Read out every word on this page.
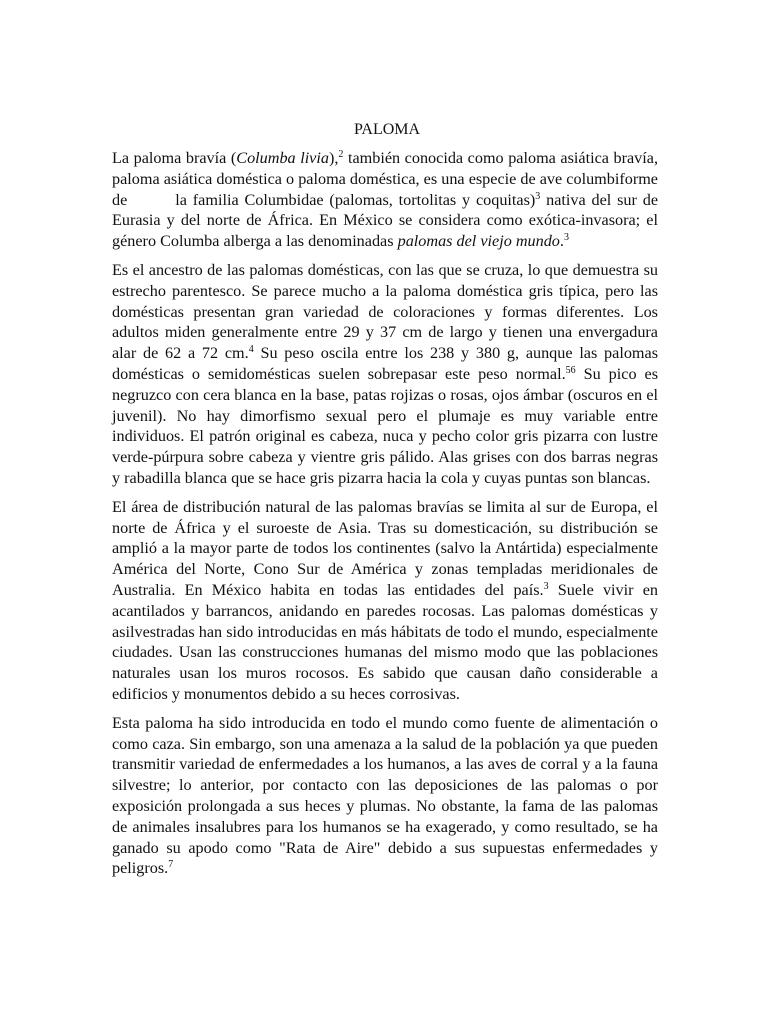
PALOMA

La paloma bravía (Columba livia),$^2$ también conocida como paloma asiática bravía, paloma asiática doméstica o paloma doméstica, es una especie de ave columbiforme de	la familia Columbidae (palomas, tortolitas y coquitas)$^3$ nativa del sur de Eurasia y del norte de África. En México se considera como exótica-invasora; el género Columba alberga a las denominadas palomas del viejo mundo.$^3$

Es el ancestro de las palomas domésticas, con las que se cruza, lo que demuestra su estrecho parentesco. Se parece mucho a la paloma doméstica gris típica, pero las domésticas presentan gran variedad de coloraciones y formas diferentes. Los adultos miden generalmente entre 29 y 37 cm de largo y tienen una envergadura alar de 62 a 72 cm.$^4$ Su peso oscila entre los 238 y 380 g, aunque las palomas domésticas o semidomésticas suelen sobrepasar este peso normal.$^{56}$ Su pico es negruzco con cera blanca en la base, patas rojizas o rosas, ojos ámbar (oscuros en el juvenil). No hay dimorfismo sexual pero el plumaje es muy variable entre individuos. El patrón original es cabeza, nuca y pecho color gris pizarra con lustre verde-púrpura sobre cabeza y vientre gris pálido. Alas grises con dos barras negras y rabadilla blanca que se hace gris pizarra hacia la cola y cuyas puntas son blancas.

El área de distribución natural de las palomas bravías se limita al sur de Europa, el norte de África y el suroeste de Asia. Tras su domesticación, su distribución se amplió a la mayor parte de todos los continentes (salvo la Antártida) especialmente América del Norte, Cono Sur de América y zonas templadas meridionales de Australia. En México habita en todas las entidades del país.$^3$ Suele vivir en acantilados y barrancos, anidando en paredes rocosas. Las palomas domésticas y asilvestradas han sido introducidas en más hábitats de todo el mundo, especialmente ciudades. Usan las construcciones humanas del mismo modo que las poblaciones naturales usan los muros rocosos. Es sabido que causan daño considerable a edificios y monumentos debido a su heces corrosivas.

Esta paloma ha sido introducida en todo el mundo como fuente de alimentación o como caza. Sin embargo, son una amenaza a la salud de la población ya que pueden transmitir variedad de enfermedades a los humanos, a las aves de corral y a la fauna silvestre; lo anterior, por contacto con las deposiciones de las palomas o por exposición prolongada a sus heces y plumas. No obstante, la fama de las palomas de animales insalubres para los humanos se ha exagerado, y como resultado, se ha ganado su apodo como "Rata de Aire" debido a sus supuestas enfermedades y peligros.$^7$
